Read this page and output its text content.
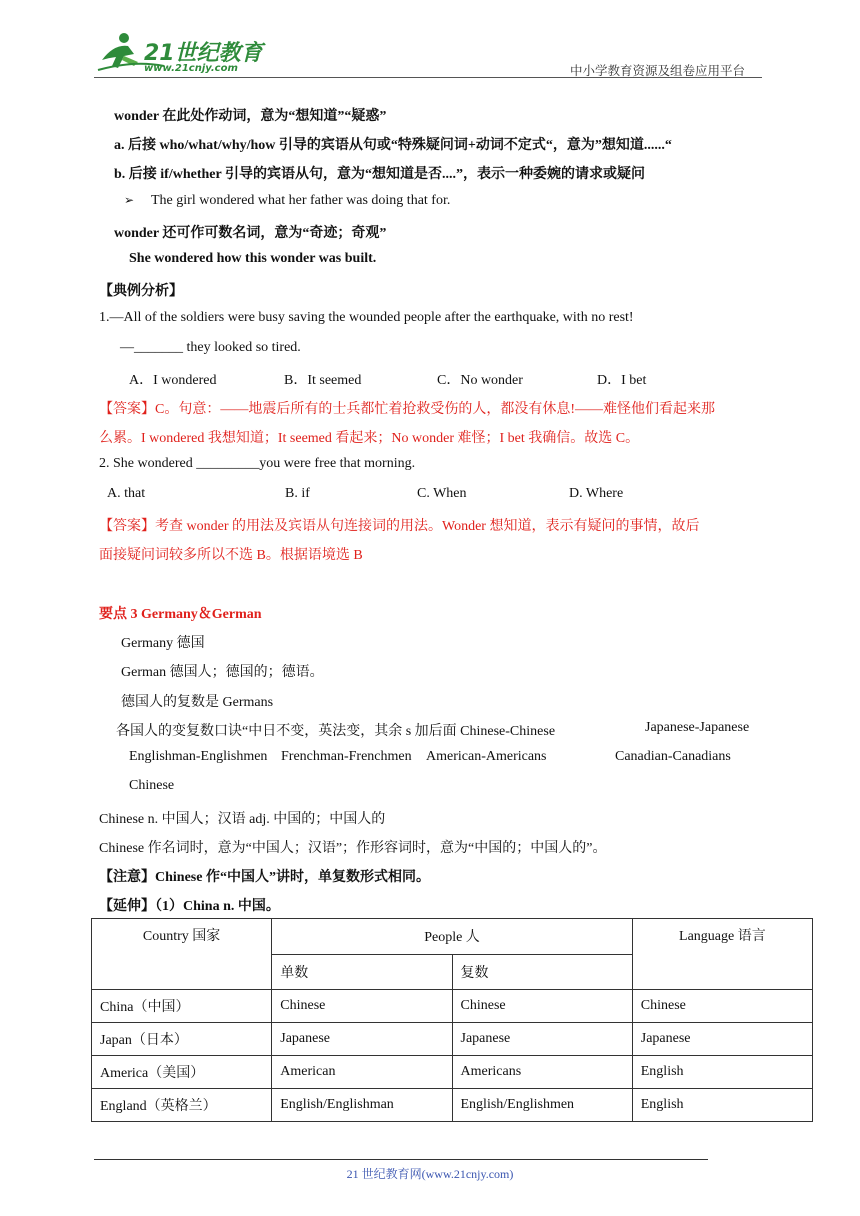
21世纪教育
www.21cnjy.com	中小学教育资源及组卷应用平台
wonder 在此处作动词，意为“想知道”“疑惑”
a. 后接 who/what/why/how 引导的宾语从句或“特殊疑问词+动词不定式“，意为”想知道......“
b. 后接 if/whether 引导的宾语从句，意为“想知道是否....”，表示一种委婉的请求或疑问
➢ The girl wondered what her father was doing that for.
wonder 还可作可数名词，意为“奇迹；奇观”
She wondered how this wonder was built.
【典例分析】
1.—All of the soldiers were busy saving the wounded people after the earthquake, with no rest!
—_______ they looked so tired.
A．I wondered	B．It seemed	C．No wonder	D．I bet
【答案】C。句意：——地震后所有的士兵都忙着抢救受伤的人，都没有休息!——难怪他们看起来那
么累。I wondered 我想知道；It seemed 看起来；No wonder 难怪；I bet 我确信。故选 C。
2. She wondered _________you were free that morning.
A. that	B. if	C. When	D. Where
【答案】考查 wonder 的用法及宾语从句连接词的用法。Wonder 想知道，表示有疑问的事情，故后
面接疑问词较多所以不选 B。根据语境选 B
要点 3 Germany＆German
Germany 德国
German 德国人；德国的；德语。
德国人的复数是 Germans
各国人的变复数口诀“中日不变，英法变，其余 s 加后面 Chinese-Chinese	Japanese-Japanese
Englishman-Englishmen Frenchman-Frenchmen American-Americans	Canadian-Canadians
Chinese
Chinese n. 中国人；汉语 adj. 中国的；中国人的
Chinese 作名词时，意为“中国人；汉语”；作形容词时，意为“中国的；中国人的”。
【注意】Chinese 作“中国人”讲时，单复数形式相同。
【延伸】（1）China n. 中国。
Country 国家	People 人		Language 语言
	单数	复数	
China（中国）	Chinese	Chinese	Chinese
Japan（日本）	Japanese	Japanese	Japanese
America（美国）	American	Americans	English
England（英格兰）	English/Englishman	English/Englishmen	English
21 世纪教育网(www.21cnjy.com)
